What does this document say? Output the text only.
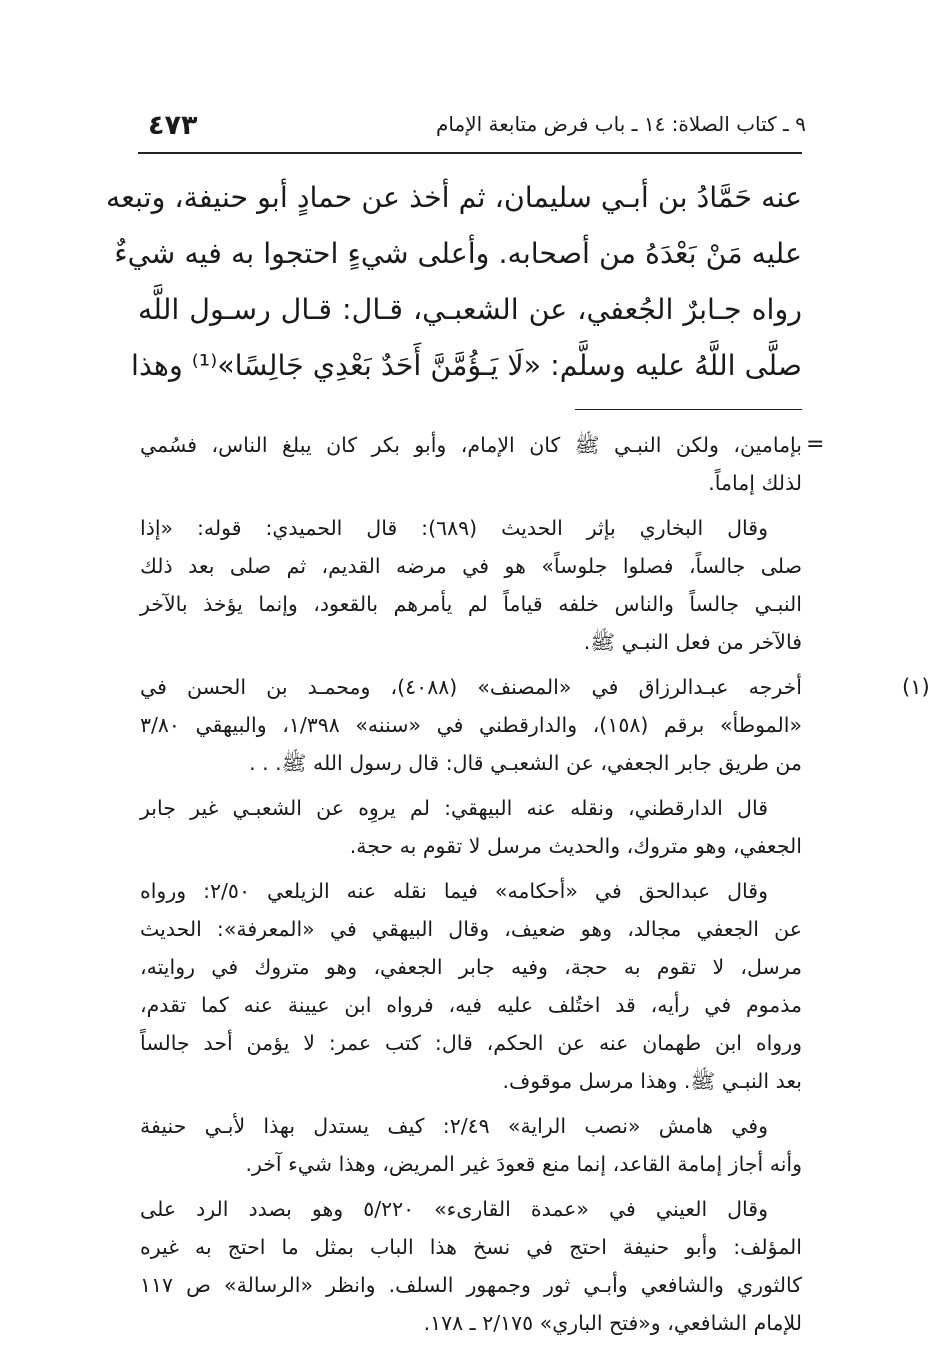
٤٧٣	٩ ـ كتاب الصلاة: ١٤ ـ باب فرض متابعة الإمام
عنه حَمَّادُ بن أبـي سليمان، ثم أخذ عن حمادٍ أبو حنيفة، وتبعه
عليه مَنْ بَعْدَهُ من أصحابه. وأعلى شيءٍ احتجوا به فيه شيءٌ
رواه جـابرٌ الجُعفي، عن الشعبـي، قـال: قـال رسـول اللَّه
صلَّى اللَّهُ عليه وسلَّم: «لَا يَـؤُمَّنَّ أَحَدٌ بَعْدِي جَالِسًا»⁽¹⁾ وهذا
=
بإمامين، ولكن النبـي ﷺ كان الإمام، وأبو بكر كان يبلغ الناس، فسُمي
لذلك إماماً.
وقال البخاري بإثر الحديث (٦٨٩): قال الحميدي: قوله: «إذا
صلى جالساً، فصلوا جلوساً» هو في مرضه القديم، ثم صلى بعد ذلك
النبـي جالساً والناس خلفه قياماً لم يأمرهم بالقعود، وإنما يؤخذ بالآخر
فالآخر من فعل النبـي ﷺ.
(١)
أخرجه عبـدالرزاق في «المصنف» (٤٠٨٨)، ومحمـد بن الحسن في
«الموطأ» برقم (١٥٨)، والدارقطني في «سننه» ١/٣٩٨، والبيهقي ٣/٨٠
من طريق جابر الجعفي، عن الشعبـي قال: قال رسول الله ﷺ. . .
قال الدارقطني، ونقله عنه البيهقي: لم يروِه عن الشعبـي غير جابر
الجعفي، وهو متروك، والحديث مرسل لا تقوم به حجة.
وقال عبدالحق في «أحكامه» فيما نقله عنه الزيلعي ٢/٥٠: ورواه
عن الجعفي مجالد، وهو ضعيف، وقال البيهقي في «المعرفة»: الحديث
مرسل، لا تقوم به حجة، وفيه جابر الجعفي، وهو متروك في روايته،
مذموم في رأيه، قد اختُلف عليه فيه، فرواه ابن عيينة عنه كما تقدم،
ورواه ابن طهمان عنه عن الحكم، قال: كتب عمر: لا يؤمن أحد جالساً
بعد النبـي ﷺ. وهذا مرسل موقوف.
وفي هامش «نصب الراية» ٢/٤٩: كيف يستدل بهذا لأبـي حنيفة
وأنه أجاز إمامة القاعد، إنما منع قعودَ غير المريض، وهذا شيء آخر.
وقال العيني في «عمدة القارىء» ٥/٢٢٠ وهو بصدد الرد على
المؤلف: وأبو حنيفة احتج في نسخ هذا الباب بمثل ما احتج به غيره
كالثوري والشافعي وأبـي ثور وجمهور السلف. وانظر «الرسالة» ص ١١٧
للإمام الشافعي، و«فتح الباري» ٢/١٧٥ ـ ١٧٨.
